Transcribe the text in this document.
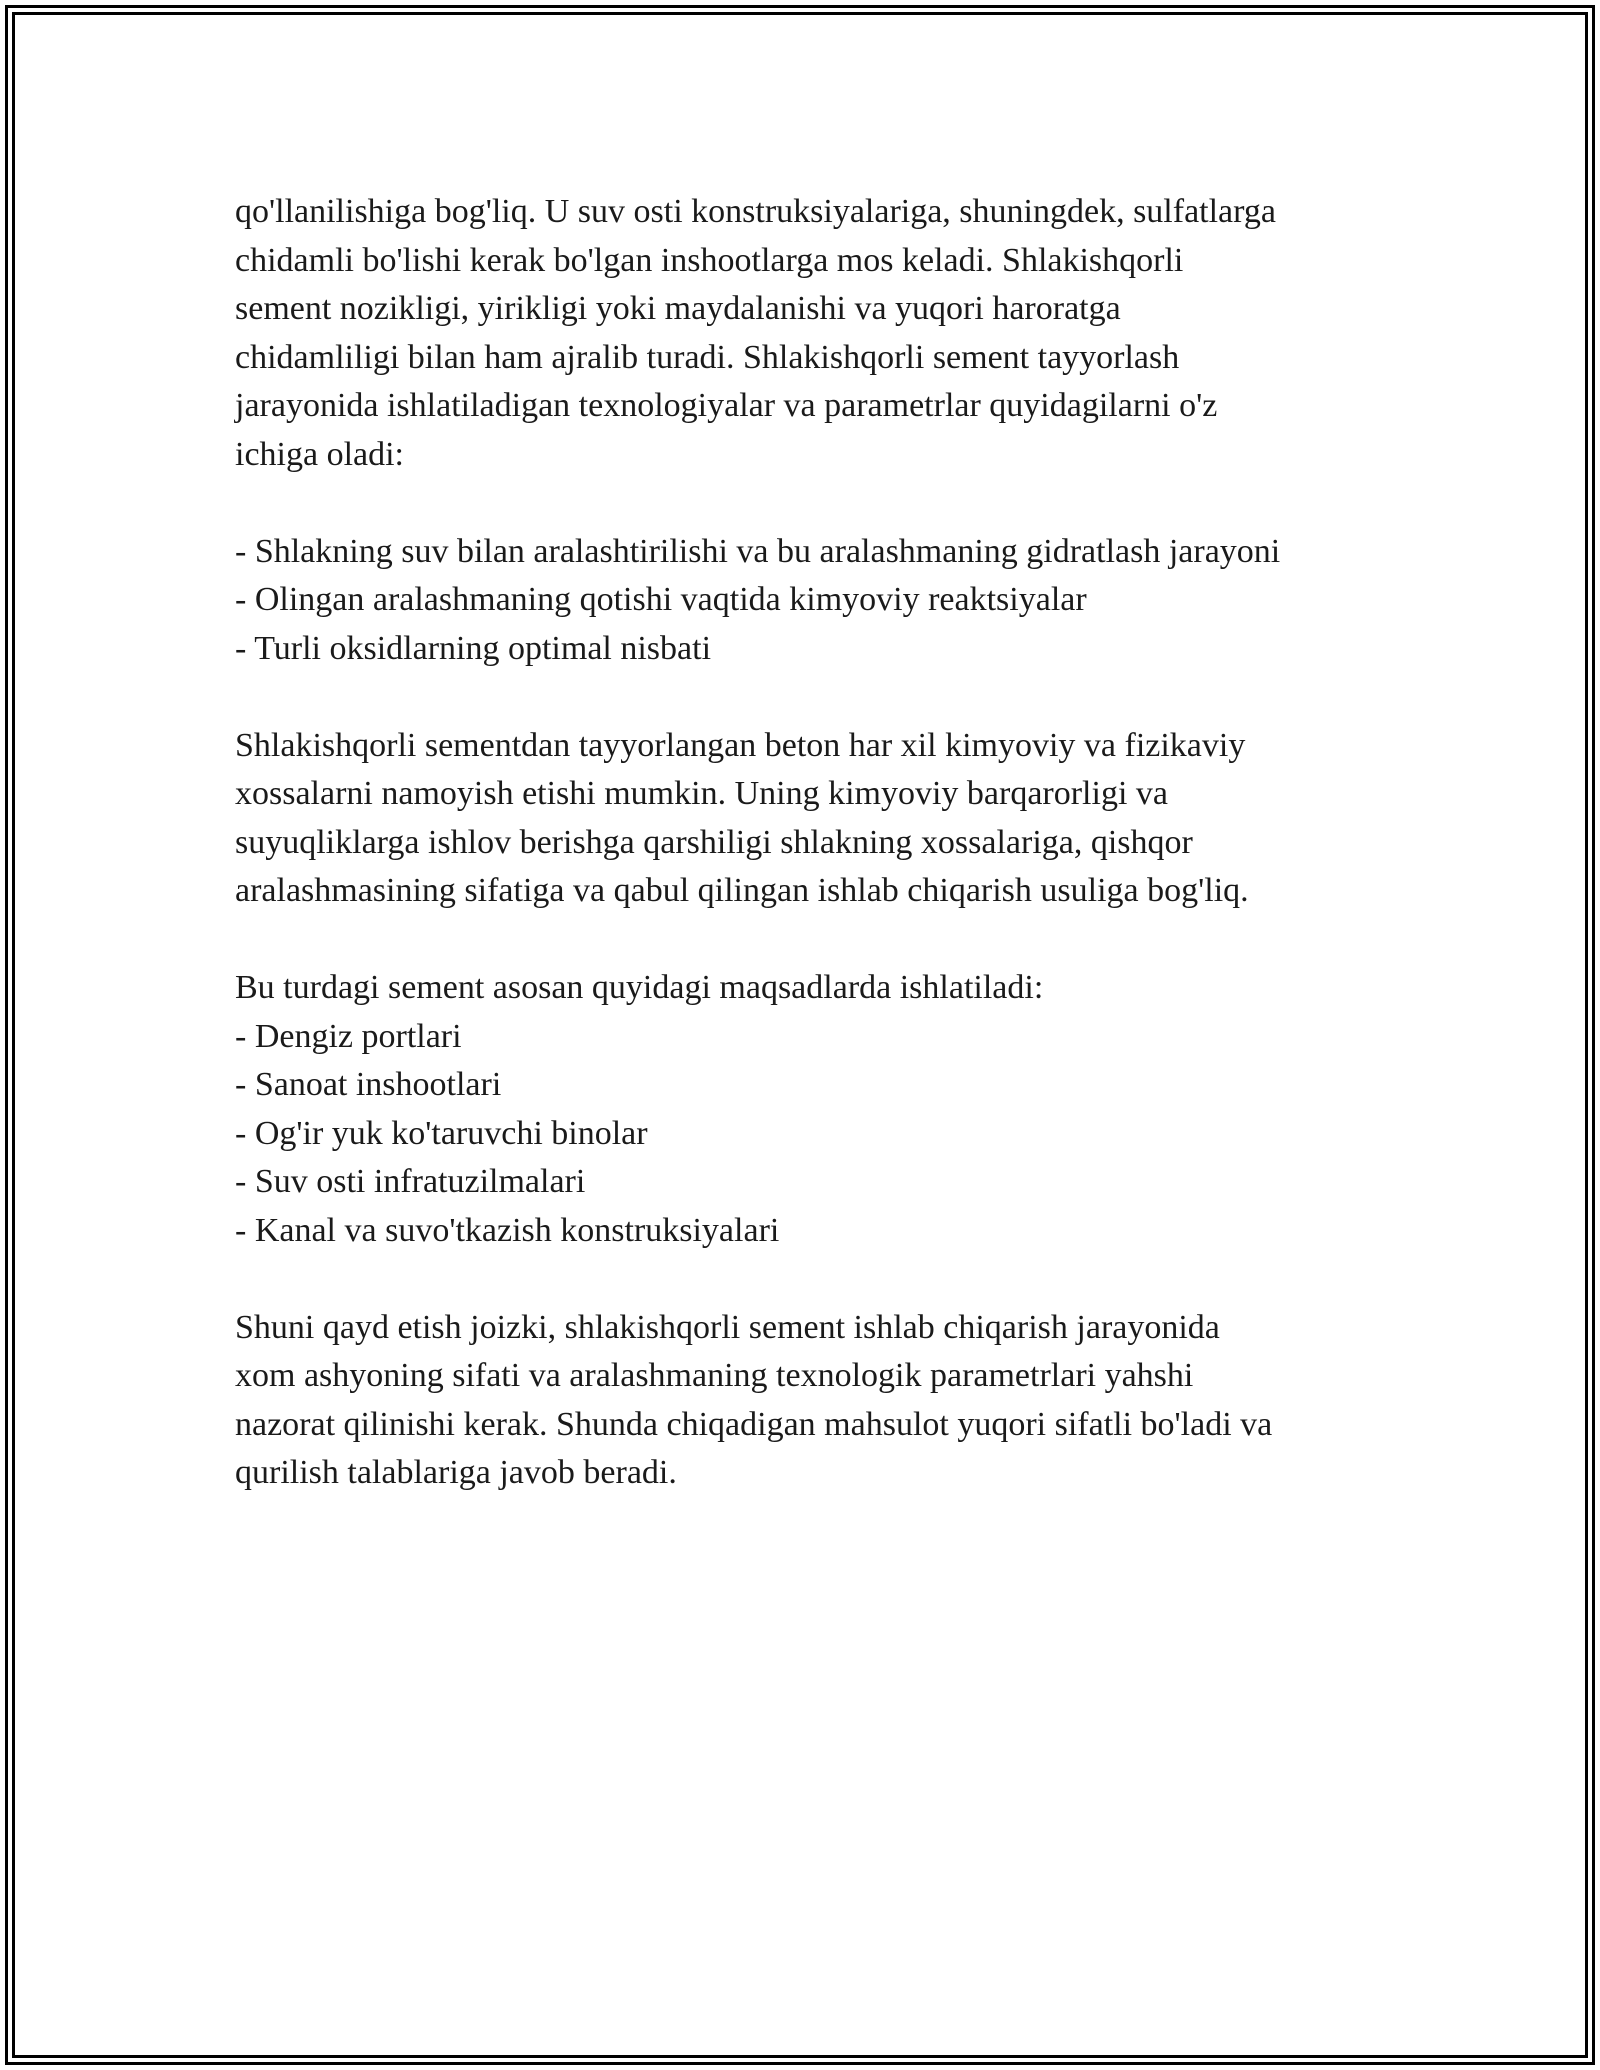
qo'llanilishiga bog'liq. U suv osti konstruksiyalariga, shuningdek, sulfatlarga
chidamli bo'lishi kerak bo'lgan inshootlarga mos keladi. Shlakishqorli
sement nozikligi, yirikligi yoki maydalanishi va yuqori haroratga
chidamliligi bilan ham ajralib turadi. Shlakishqorli sement tayyorlash
jarayonida ishlatiladigan texnologiyalar va parametrlar quyidagilarni o'z
ichiga oladi:
- Shlakning suv bilan aralashtirilishi va bu aralashmaning gidratlash jarayoni
- Olingan aralashmaning qotishi vaqtida kimyoviy reaktsiyalar
- Turli oksidlarning optimal nisbati
Shlakishqorli sementdan tayyorlangan beton har xil kimyoviy va fizikaviy
xossalarni namoyish etishi mumkin. Uning kimyoviy barqarorligi va
suyuqliklarga ishlov berishga qarshiligi shlakning xossalariga, qishqor
aralashmasining sifatiga va qabul qilingan ishlab chiqarish usuliga bog'liq.
Bu turdagi sement asosan quyidagi maqsadlarda ishlatiladi:
- Dengiz portlari
- Sanoat inshootlari
- Og'ir yuk ko'taruvchi binolar
- Suv osti infratuzilmalari
- Kanal va suvo'tkazish konstruksiyalari
Shuni qayd etish joizki, shlakishqorli sement ishlab chiqarish jarayonida
xom ashyoning sifati va aralashmaning texnologik parametrlari yahshi
nazorat qilinishi kerak. Shunda chiqadigan mahsulot yuqori sifatli bo'ladi va
qurilish talablariga javob beradi.
